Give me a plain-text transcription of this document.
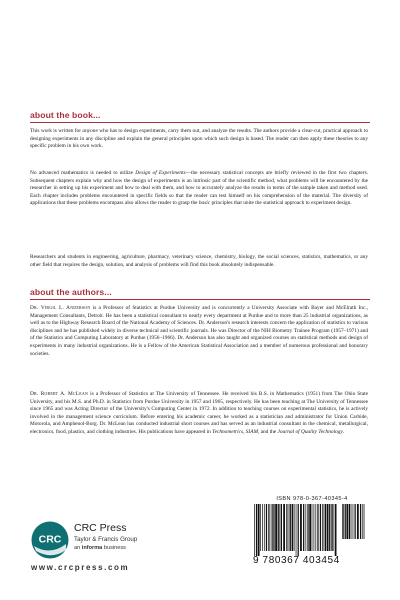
about the book...

This work is written for anyone who has to design experiments, carry them out, and analyze the results. The authors provide a clear-cut, practical approach to designing experiments in any discipline and explain the general principles upon which such design is based. The reader can then apply these theories to any specific problem in his own work.

No advanced mathematics is needed to utilize Design of Experiments—the necessary statistical concepts are briefly reviewed in the first two chapters. Subsequent chapters explain why and how the design of experiments is an intrinsic part of the scientific method, what problems will be encountered by the researcher in setting up his experiment and how to deal with them, and how to accurately analyze the results in terms of the sample taken and method used. Each chapter includes problems encountered in specific fields so that the reader can test himself on his comprehension of the material. The diversity of applications that these problems encompass also allows the reader to grasp the basic principles that unite the statistical approach to experiment design.

Researchers and students in engineering, agriculture, pharmacy, veterinary science, chemistry, biology, the social sciences, statistics, mathematics, or any other field that requires the design, solution, and analysis of problems will find this book absolutely indispensable.

about the authors...

Dr. Virgil L. Anderson is a Professor of Statistics at Purdue University and is concurrently a University Associate with Bayer and McElrath Inc., Management Consultants, Detroit. He has been a statistical consultant to nearly every department at Purdue and to more than 25 industrial organizations, as well as to the Highway Research Board of the National Academy of Sciences. Dr. Anderson's research interests concern the application of statistics to various disciplines and he has published widely in diverse technical and scientific journals. He was Director of the NIH Biometry Trainee Program (1957–1971) and of the Statistics and Computing Laboratory at Purdue (1956–1966). Dr. Anderson has also taught and organized courses on statistical methods and design of experiments in many industrial organizations. He is a Fellow of the American Statistical Association and a member of numerous professional and honorary societies.

Dr. Robert A. McLean is a Professor of Statistics at The University of Tennessee. He received his B.S. in Mathematics (1951) from The Ohio State University, and his M.S. and Ph.D. in Statistics from Purdue University in 1957 and 1965, respectively. He has been teaching at The University of Tennessee since 1965 and was Acting Director of the University's Computing Center in 1972. In addition to teaching courses on experimental statistics, he is actively involved in the management science curriculum. Before entering his academic career, he worked as a statistician and administrator for Union Carbide, Motorola, and Amphenol-Borg. Dr. McLean has conducted industrial short courses and has served as an industrial consultant in the chemical, metallurgical, electronics, food, plastics, and clothing industries. His publications have appeared in Technometrics, SIAM, and the Journal of Quality Technology.

CRC
CRC Press
Taylor & Francis Group
an informa business
www.crcpress.com
ISBN 978-0-367-40345-4
9 780367 403454
